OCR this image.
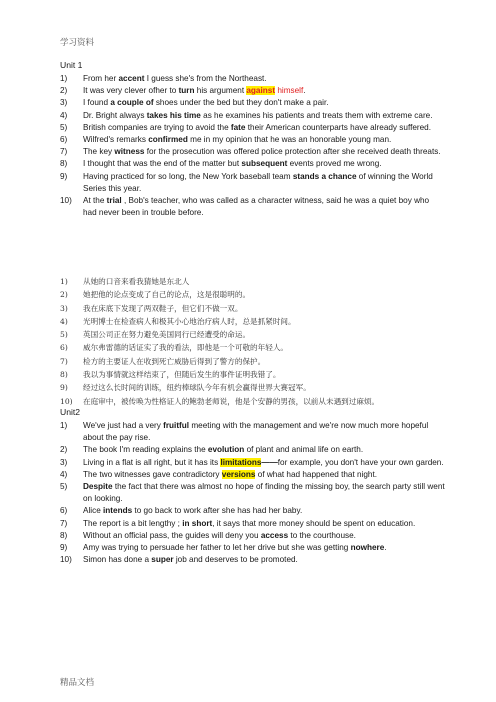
学习资料
Unit 1
1) From her accent I guess she's from the Northeast.
2) It was very clever ofher to turn his argument against himself.
3) I found a couple of shoes under the bed but they don't make a pair.
4) Dr. Bright always takes his time as he examines his patients and treats them with extreme care.
5) British companies are trying to avoid the fate their American counterparts have already suffered.
6) Wilfred's remarks confirmed me in my opinion that he was an honorable young man.
7) The key witness for the prosecution was offered police protection after she received death threats.
8) I thought that was the end of the matter but subsequent events proved me wrong.
9) Having practiced for so long, the New York baseball team stands a chance of winning the World Series this year.
10) At the trial , Bob's teacher, who was called as a character witness, said he was a quiet boy who had never been in trouble before.
1) 从她的口音来看我猜她是东北人
2) 她把他的论点变成了自己的论点，这是很聪明的。
3) 我在床底下发现了两双鞋子，但它们不做一双。
4) 光明博士在检查病人和极其小心地治疗病人时，总是抓紧时间。
5) 英国公司正在努力避免美国同行已经遭受的命运。
6) 威尔弗雷德的话证实了我的看法，即他是一个可敬的年轻人。
7) 检方的主要证人在收到死亡威胁后得到了警方的保护。
8) 我以为事情就这样结束了，但随后发生的事件证明我错了。
9) 经过这么长时间的训练，纽约棒球队今年有机会赢得世界大赛冠军。
10) 在庭审中，被传唤为性格证人的鲍勃老师说，他是个安静的男孩，以前从未遇到过麻烦。
Unit2
1) We've just had a very fruitful meeting with the management and we're now much more hopeful about the pay rise.
2) The book I'm reading explains the evolution of plant and animal life on earth.
3) Living in a flat is all right, but it has its limitations——for example, you don't have your own garden.
4) The two witnesses gave contradictory versions of what had happened that night.
5) Despite the fact that there was almost no hope of finding the missing boy, the search party still went on looking.
6) Alice intends to go back to work after she has had her baby.
7) The report is a bit lengthy ; in short, it says that more money should be spent on education.
8) Without an official pass, the guides will deny you access to the courthouse.
9) Amy was trying to persuade her father to let her drive but she was getting nowhere.
10) Simon has done a super job and deserves to be promoted.
精品文档
